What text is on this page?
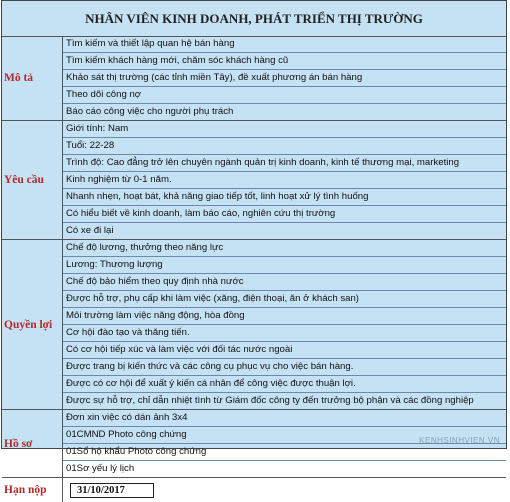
NHÂN VIÊN KINH DOANH, PHÁT TRIỂN THỊ TRƯỜNG
Mô tả
Tìm kiếm và thiết lập quan hệ bán hàng
Tìm kiếm khách hàng mới, chăm sóc khách hàng cũ
Khảo sát thị trường (các tỉnh miền Tây), đề xuất phương án bán hàng
Theo dõi công nợ
Báo cáo công việc cho người phụ trách
Yêu cầu
Giới tính: Nam
Tuổi: 22-28
Trình độ: Cao đẳng trở lên chuyên ngành quản trị kinh doanh, kinh tế thương mại, marketing
Kinh nghiệm từ 0-1 năm.
Nhanh nhẹn, hoạt bát, khả năng giao tiếp tốt, linh hoạt xử lý tình huống
Có hiểu biết về kinh doanh, làm báo cáo, nghiên cứu thị trường
Có xe đi lại
Quyền lợi
Chế độ lương, thưởng theo năng lực
Lương: Thương lượng
Chế độ bảo hiểm theo quy định nhà nước
Được hỗ trợ, phụ cấp khi làm việc (xăng, điện thoại, ăn ở khách san)
Môi trường làm việc năng động, hòa đồng
Cơ hội đào tạo và thăng tiến.
Có cơ hội tiếp xúc và làm việc với đối tác nước ngoài
Được trang bị kiến thức và các công cụ phục vụ cho việc bán hàng.
Được có cơ hội để xuất ý kiến cá nhân để công việc được thuận lợi.
Được sự hỗ trợ, chỉ dẫn nhiệt tình từ Giám đốc công ty đến trưởng bộ phận và các đồng nghiệp
Hồ sơ
Đơn xin việc có dán ảnh 3x4
01CMND Photo công chứng
01Sổ hộ khẩu Photo công chứng
01Sơ yếu lý lịch
Hạn nộp	31/10/2017
KENHSINHVIEN.VN
